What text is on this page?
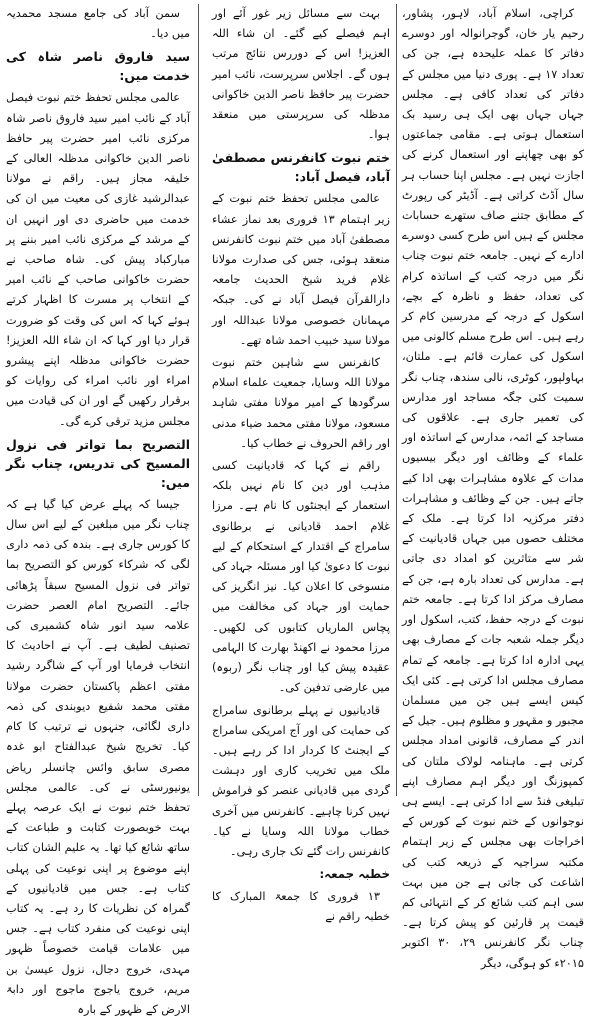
کراچی، اسلام آباد، لاہور، پشاور، رحیم یار خان، گوجرانوالہ اور دوسرے دفاتر کا عملہ علیحدہ ہے، جن کی تعداد ۱۷ ہے۔ پوری دنیا میں مجلس کے دفاتر کی تعداد کافی ہے۔ مجلس جہاں جہاں بھی ایک ہی رسید بک استعمال ہوتی ہے۔ مقامی جماعتوں کو بھی چھاپنے اور استعمال کرنے کی اجازت نہیں ہے۔ مجلس اپنا حساب ہر سال آڈٹ کراتی ہے۔ آڈیٹر کی رپورٹ کے مطابق جتنے صاف ستھرے حسابات مجلس کے ہیں اس طرح کسی دوسرے ادارے کے نہیں۔ جامعہ ختم نبوت چناب نگر میں درجہ کتب کے اساتذہ کرام کی تعداد، حفظ و ناظرہ کے بچے، اسکول کے درجہ کے مدرسین کام کر رہے ہیں۔ اس طرح مسلم کالونی میں اسکول کی عمارت قائم ہے۔ ملتان، بہاولپور، کوٹری، نالی سندھ، چناب نگر سمیت کئی جگہ مساجد اور مدارس کی تعمیر جاری ہے۔ علاقوں کی مساجد کے ائمہ، مدارس کے اساتذہ اور علماء کے وظائف اور دیگر بیسیوں مدات کے علاوہ مشاہرات بھی ادا کیے جاتے ہیں۔ جن کے وظائف و مشاہرات دفتر مرکزیہ ادا کرتا ہے۔ ملک کے مختلف حصوں میں جہاں قادیانیت کے شر سے متاثرین کو امداد دی جاتی ہے۔ مدارس کی تعداد بارہ ہے، جن کے مصارف مرکز ادا کرتا ہے۔ جامعہ ختم نبوت کے درجہ حفظ، کتب، اسکول اور دیگر جملہ شعبہ جات کے مصارف بھی یہی ادارہ ادا کرتا ہے۔ جامعہ کے تمام مصارف مجلس ادا کرتی ہے۔ کئی ایک کیس ایسے ہیں جن میں مسلمان مجبور و مقہور و مظلوم ہیں۔ جیل کے اندر کے مصارف، قانونی امداد مجلس کرتی ہے۔ ماہنامہ لولاک ملتان کی کمپوزنگ اور دیگر اہم مصارف اپنے تبلیغی فنڈ سے ادا کرتی ہے۔ ایسے ہی نوجوانوں کے ختم نبوت کے کورس کے اخراجات بھی مجلس کے زیر اہتمام مکتبہ سراجیہ کے ذریعہ کتب کی اشاعت کی جاتی ہے جن میں بہت سی اہم کتب شائع کر کے انتہائی کم قیمت پر قارئین کو پیش کرتا ہے۔ چناب نگر کانفرنس ۲۹، ۳۰ اکتوبر ۲۰۱۵ء کو ہوگی، دیگر

بہت سے مسائل زیر غور آئے اور اہم فیصلے کیے گئے۔ ان شاء اللہ العزیز! اس کے دوررس نتائج مرتب ہوں گے۔ اجلاس سرپرست، نائب امیر حضرت پیر حافظ ناصر الدین خاکوانی مدظلہ کی سرپرستی میں منعقد ہوا۔

ختم نبوت کانفرنس مصطفیٰ آباد، فیصل آباد:

عالمی مجلس تحفظ ختم نبوت کے زیر اہتمام ۱۳ فروری بعد نماز عشاء مصطفیٰ آباد میں ختم نبوت کانفرنس منعقد ہوئی، جس کی صدارت مولانا غلام فرید شیخ الحدیث جامعہ دارالقرآن فیصل آباد نے کی۔ جبکہ مہمانان خصوصی مولانا عبداللہ اور مولانا سید خبیب احمد شاہ تھے۔

کانفرنس سے شاہین ختم نبوت مولانا اللہ وسایا، جمعیت علماء اسلام سرگودھا کے امیر مولانا مفتی شاہد مسعود، مولانا مفتی محمد ضیاء مدنی اور راقم الحروف نے خطاب کیا۔

راقم نے کہا کہ قادیانیت کسی مذہب اور دین کا نام نہیں بلکہ استعمار کے ایجنٹوں کا نام ہے۔ مرزا غلام احمد قادیانی نے برطانوی سامراج کے اقتدار کے استحکام کے لیے نبوت کا دعویٰ کیا اور مسئلہ جہاد کی منسوخی کا اعلان کیا۔ نیز انگریز کی حمایت اور جہاد کی مخالفت میں پچاس الماریاں کتابوں کی لکھیں۔ مرزا محمود نے اکھنڈ بھارت کا الہامی عقیدہ پیش کیا اور چناب نگر (ربوہ) میں عارضی تدفین کی۔

قادیانیوں نے پہلے برطانوی سامراج کی حمایت کی اور آج امریکی سامراج کے ایجنٹ کا کردار ادا کر رہے ہیں۔ ملک میں تخریب کاری اور دہشت گردی میں قادیانی عنصر کو فراموش نہیں کرنا چاہیے۔ کانفرنس میں آخری خطاب مولانا اللہ وسایا نے کیا۔ کانفرنس رات گئے تک جاری رہی۔

خطبہ جمعہ:

۱۳ فروری کا جمعۃ المبارک کا خطبہ راقم نے

سمن آباد کی جامع مسجد محمدیہ میں دیا۔

سید فاروق ناصر شاہ کی خدمت میں:

عالمی مجلس تحفظ ختم نبوت فیصل آباد کے نائب امیر سید فاروق ناصر شاہ مرکزی نائب امیر حضرت پیر حافظ ناصر الدین خاکوانی مدظلہ العالی کے خلیفہ مجاز ہیں۔ راقم نے مولانا عبدالرشید غازی کی معیت میں ان کی خدمت میں حاضری دی اور انہیں ان کے مرشد کے مرکزی نائب امیر بننے پر مبارکباد پیش کی۔ شاہ صاحب نے حضرت خاکوانی صاحب کے نائب امیر کے انتخاب پر مسرت کا اظہار کرتے ہوئے کہا کہ اس کی وقت کو ضرورت قرار دیا اور کہا کہ ان شاء اللہ العزیز! حضرت خاکوانی مدظلہ اپنے پیشرو امراء اور نائب امراء کی روایات کو برقرار رکھیں گے اور ان کی قیادت میں مجلس مزید ترقی کرے گی۔

التصریح بما تواتر فی نزول المسیح کی تدریس، چناب نگر میں:

جیسا کہ پہلے عرض کیا گیا ہے کہ چناب نگر میں مبلغین کے لیے اس سال کا کورس جاری ہے۔ بندہ کی ذمہ داری لگی کہ شرکاء کورس کو التصریح بما تواتر فی نزول المسیح سبقاً پڑھائی جائے۔ التصریح امام العصر حضرت علامہ سید انور شاہ کشمیری کی تصنیف لطیف ہے۔ آپ نے احادیث کا انتخاب فرمایا اور آپ کے شاگرد رشید مفتی اعظم پاکستان حضرت مولانا مفتی محمد شفیع دیوبندی کی ذمہ داری لگائی، جنہوں نے ترتیب کا کام کیا۔ تخریج شیخ عبدالفتاح ابو غدہ مصری سابق وائس چانسلر ریاض یونیورسٹی نے کی۔ عالمی مجلس تحفظ ختم نبوت نے ایک عرصہ پہلے بہت خوبصورت کتابت و طباعت کے ساتھ شائع کیا تھا۔ یہ علیم الشان کتاب اپنے موضوع پر اپنی نوعیت کی پہلی کتاب ہے۔ جس میں قادیانیوں کے گمراہ کن نظریات کا رد ہے۔ یہ کتاب اپنی نوعیت کی منفرد کتاب ہے۔ جس میں علامات قیامت خصوصاً ظہور مہدی، خروج دجال، نزول عیسیٰ بن مریم، خروج یاجوج ماجوج اور دابۃ الارض کے ظہور کے بارہ
